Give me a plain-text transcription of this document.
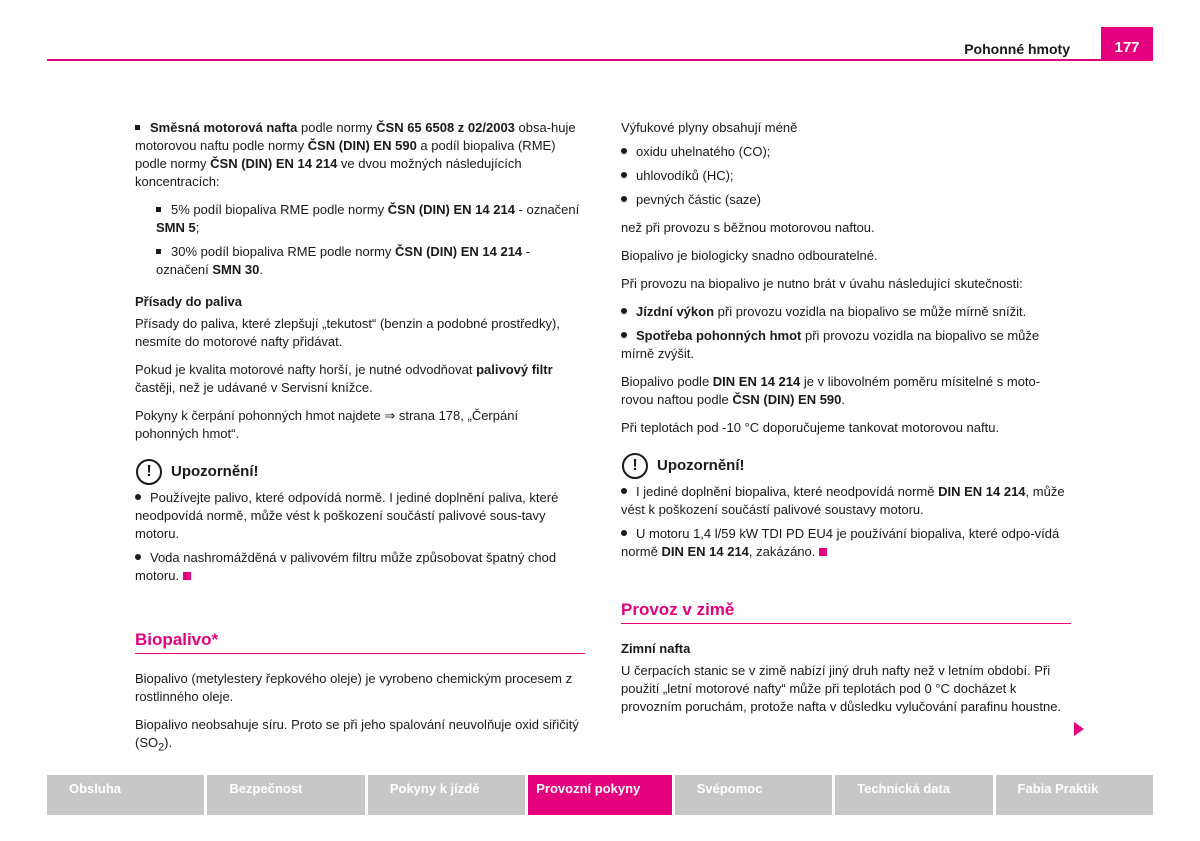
Pohonné hmoty	177

Směsná motorová nafta podle normy ČSN 65 6508 z 02/2003 obsa-huje motorovou naftu podle normy ČSN (DIN) EN 590 a podíl biopaliva (RME) podle normy ČSN (DIN) EN 14 214 ve dvou možných následujících koncentracích:

5% podíl biopaliva RME podle normy ČSN (DIN) EN 14 214 - označení SMN 5;

30% podíl biopaliva RME podle normy ČSN (DIN) EN 14 214 - označení SMN 30.

Přísady do paliva

Přísady do paliva, které zlepšují „tekutost“ (benzin a podobné prostředky), nesmíte do motorové nafty přidávat.

Pokud je kvalita motorové nafty horší, je nutné odvodňovat palivový filtr častěji, než je udávané v Servisní knížce.

Pokyny k čerpání pohonných hmot najdete ⇒ strana 178, „Čerpání pohonných hmot“.

!	Upozornění!

Používejte palivo, které odpovídá normě. I jediné doplnění paliva, které neodpovídá normě, může vést k poškození součástí palivové sous-tavy motoru.

Voda nashromážděná v palivovém filtru může způsobovat špatný chod motoru.

Biopalivo*

Biopalivo (metylestery řepkového oleje) je vyrobeno chemickým procesem z rostlinného oleje.

Biopalivo neobsahuje síru. Proto se při jeho spalování neuvolňuje oxid siřičitý $(SO_2)$.

Výfukové plyny obsahují méně

oxidu uhelnatého (CO);

uhlovodíků (HC);

pevných částic (saze)

než při provozu s běžnou motorovou naftou.

Biopalivo je biologicky snadno odbouratelné.

Při provozu na biopalivo je nutno brát v úvahu následující skutečnosti:

Jízdní výkon při provozu vozidla na biopalivo se může mírně snížit.

Spotřeba pohonných hmot při provozu vozidla na biopalivo se může mírně zvýšit.

Biopalivo podle DIN EN 14 214 je v libovolném poměru mísitelné s moto-rovou naftou podle ČSN (DIN) EN 590.

Při teplotách pod -10 °C doporučujeme tankovat motorovou naftu.

!	Upozornění!

I jediné doplnění biopaliva, které neodpovídá normě DIN EN 14 214, může vést k poškození součástí palivové soustavy motoru.

U motoru 1,4 l/59 kW TDI PD EU4 je používání biopaliva, které odpo-vídá normě DIN EN 14 214, zakázáno.

Provoz v zimě

Zimní nafta

U čerpacích stanic se v zimě nabízí jiný druh nafty než v letním období. Při použití „letní motorové nafty“ může při teplotách pod 0 °C docházet k provozním poruchám, protože nafta v důsledku vylučování parafinu houstne.

Obsluha	Bezpečnost	Pokyny k jízdě	Provozní pokyny	Svépomoc	Technická data	Fabia Praktik
